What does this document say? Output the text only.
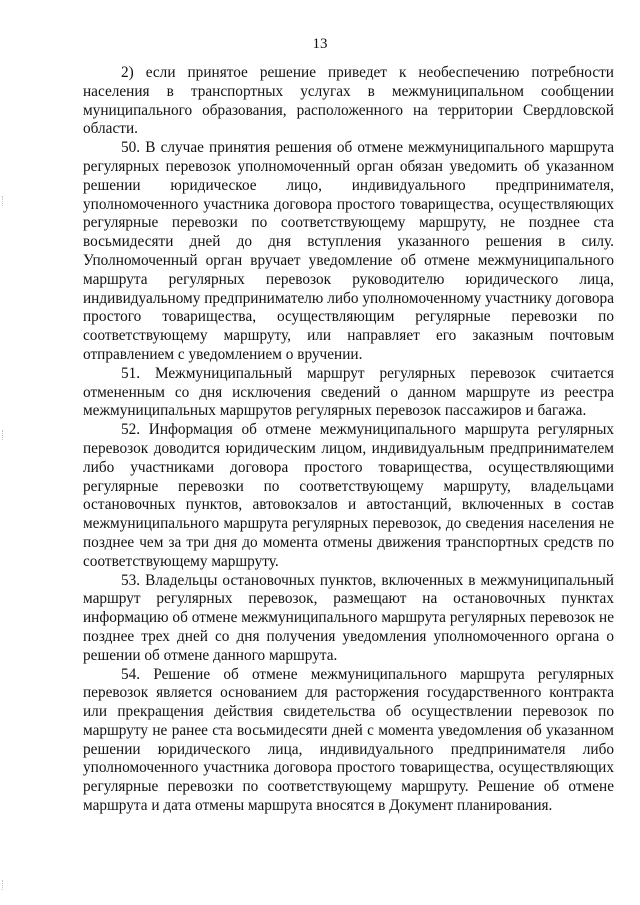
13

2) если принятое решение приведет к необеспечению потребности населения в транспортных услугах в межмуниципальном сообщении муниципального образования, расположенного на территории Свердловской области.

50. В случае принятия решения об отмене межмуниципального маршрута регулярных перевозок уполномоченный орган обязан уведомить об указанном решении юридическое лицо, индивидуального предпринимателя, уполномоченного участника договора простого товарищества, осуществляющих регулярные перевозки по соответствующему маршруту, не позднее ста восьмидесяти дней до дня вступления указанного решения в силу. Уполномоченный орган вручает уведомление об отмене межмуниципального маршрута регулярных перевозок руководителю юридического лица, индивидуальному предпринимателю либо уполномоченному участнику договора простого товарищества, осуществляющим регулярные перевозки по соответствующему маршруту, или направляет его заказным почтовым отправлением с уведомлением о вручении.

51. Межмуниципальный маршрут регулярных перевозок считается отмененным со дня исключения сведений о данном маршруте из реестра межмуниципальных маршрутов регулярных перевозок пассажиров и багажа.

52. Информация об отмене межмуниципального маршрута регулярных перевозок доводится юридическим лицом, индивидуальным предпринимателем либо участниками договора простого товарищества, осуществляющими регулярные перевозки по соответствующему маршруту, владельцами остановочных пунктов, автовокзалов и автостанций, включенных в состав межмуниципального маршрута регулярных перевозок, до сведения населения не позднее чем за три дня до момента отмены движения транспортных средств по соответствующему маршруту.

53. Владельцы остановочных пунктов, включенных в межмуниципальный маршрут регулярных перевозок, размещают на остановочных пунктах информацию об отмене межмуниципального маршрута регулярных перевозок не позднее трех дней со дня получения уведомления уполномоченного органа о решении об отмене данного маршрута.

54. Решение об отмене межмуниципального маршрута регулярных перевозок является основанием для расторжения государственного контракта или прекращения действия свидетельства об осуществлении перевозок по маршруту не ранее ста восьмидесяти дней с момента уведомления об указанном решении юридического лица, индивидуального предпринимателя либо уполномоченного участника договора простого товарищества, осуществляющих регулярные перевозки по соответствующему маршруту. Решение об отмене маршрута и дата отмены маршрута вносятся в Документ планирования.
